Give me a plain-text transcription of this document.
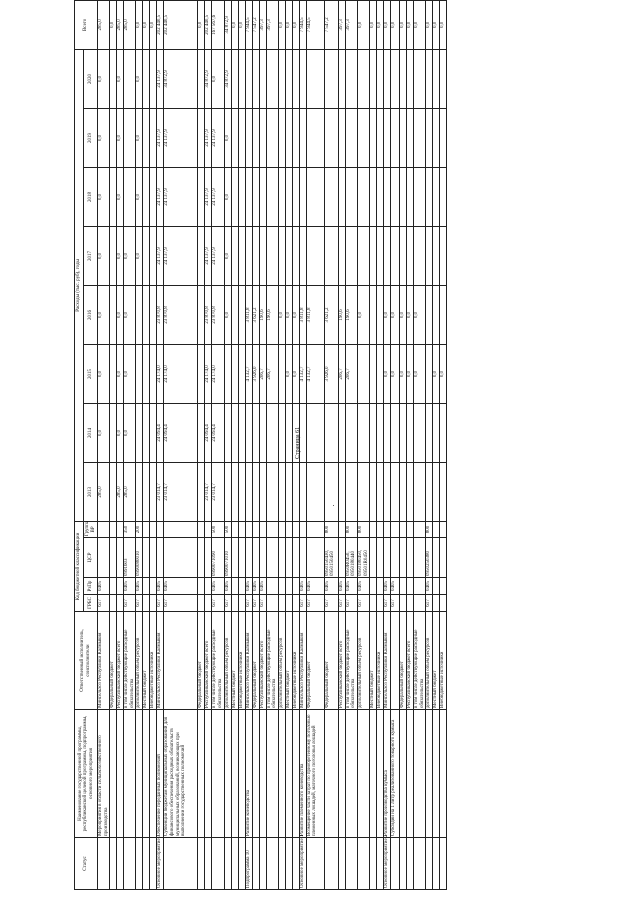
Статус	Наименование государственной программы, республиканской целевой программы, подпрограммы, основного мероприятия	Ответственный исполнитель, соисполнители	Код бюджетной классификации				Расходы (тыс. руб), годы								Всего
			ГРБС	РзПр	ЦСР	Группа ВР	2013	2014	2015	2016	2017	2018	2019	2020	
	Мероприятия в области сельскохозяйственного производства	Минсельхоз Республики Калмыкия	617	0405			285,0	0,0	0,0	0,0	0,0	0,0	0,0	0,0	285,0
		Федеральный бюджет													0,0
		Республиканский бюджет всего					285,0	0,0	0,0	0,0	0,0	0,0	0,0	0,0	285,0
		в том числе действующие расходные обязательства	617	0405	0991603	350	285,0	0,0	0,0	0,0	0,0				285,0
		дополнительный объем ресурсов	617	0405	0990080010	200					0,0	0,0	0,0	0,0	0,0
		Местный бюджет													0,0
		Внебюджетные источники													0,0
Основное мероприятие 3	Обеспечение переданных полномочий	Минсельхоз Республики Калмыкия	617	0405			23 014,7	24 094,4	24 174,0	23 870,8	24 137,9	24 137,9	24 137,9	24 137,9	202 440,5
	Субвенции бюджетам муниципальных образований для финансового обеспечения расходных обязательств муниципальных образований, возникающих при выполнении государственных полномочий		617	0405			23 014,7	24 094,4	24 174,0	23 870,8	24 137,9	24 137,9	24 137,9	34 872,9	202 440,5
		Федеральный бюджет													0,0
		Республиканский бюджет всего					23 014,7	24 094,4	24 174,0	23 870,8	24 137,9	24 137,9	24 137,9	34 872,9	202 440,5
		в том числе действующие расходные обязательства	617	0405	0990071090	500	23 014,7	24 094,4	24 174,0	23 870,8	24 137,9	24 137,9	24 137,9	0,0	167 567,6
		дополнительный объем ресурсов	617	0405	0990071010	500				0,0	0,0	0,0	0,0	34 872,9	34 872,9
		Местный бюджет													0,0
		Внебюджетные источники													0,0
Подпрограмма 10	Развитие коневодства	Минсельхоз Республики Калмыкия	617	0405					4 132,7	3 811,8					7 944,5
		Федеральный бюджет	617	0405					3 926,0	3 621,2					7 547,2
		Республиканский бюджет всего	617	0405					206,7	190,6					397,3
		в том числе действующие расходные обязательства							206,7	190,6					397,3
		дополнительный объем ресурсов								0,0					0,0
		Местный бюджет							0,0	0,0					0,0
		Внебюджетные источники							0,0	0,0					0,0
Основное мероприятие 1	Развитие племенного коневодства	Минсельхоз Республики Калмыкия	617	0405					4 132,7	3 811,8					7 944,5
	Возмещение части затрат по приобретенному поголовью племенных лошадей, маточного поголовья лошадей	Федеральный бюджет	617	0405					4 132,7	3 811,8					7 944,5
		Федеральный бюджет	617	0405	0950150430, 0950150450	800			3 926,0	3 621,2					7 547,2
		Республиканский бюджет всего	617	0405					206,7	190,6					397,3
		в том числе действующие расходные обязательства	617	0405	0950R0450, 0950180440	800			206,7	190,6					397,3
		дополнительный объем ресурсов	617	0405	0950180450, 09501R0450	800				0,0					0,0
		Местный бюджет													0,0
		Внебюджетные источники													0,0
Основное мероприятие 2	Развитие производства кумыса	Минсельхоз Республики Калмыкия	617	0405					0,0	0,0					0,0
	Субсидии на 1 литр реализованного товарного кумыса		617	0405					0,0	0,0					0,0
		Федеральный бюджет							0,0	0,0					0,0
		Республиканский бюджет всего							0,0	0,0					0,0
		в том числе действующие расходные обязательства							0,0	0,0					0,0
		дополнительный объем ресурсов	617	0405	0950250380	800									0,0
		Местный бюджет							0,0						0,0
		Внебюджетные источники							0,0						0,0
Страница 61
